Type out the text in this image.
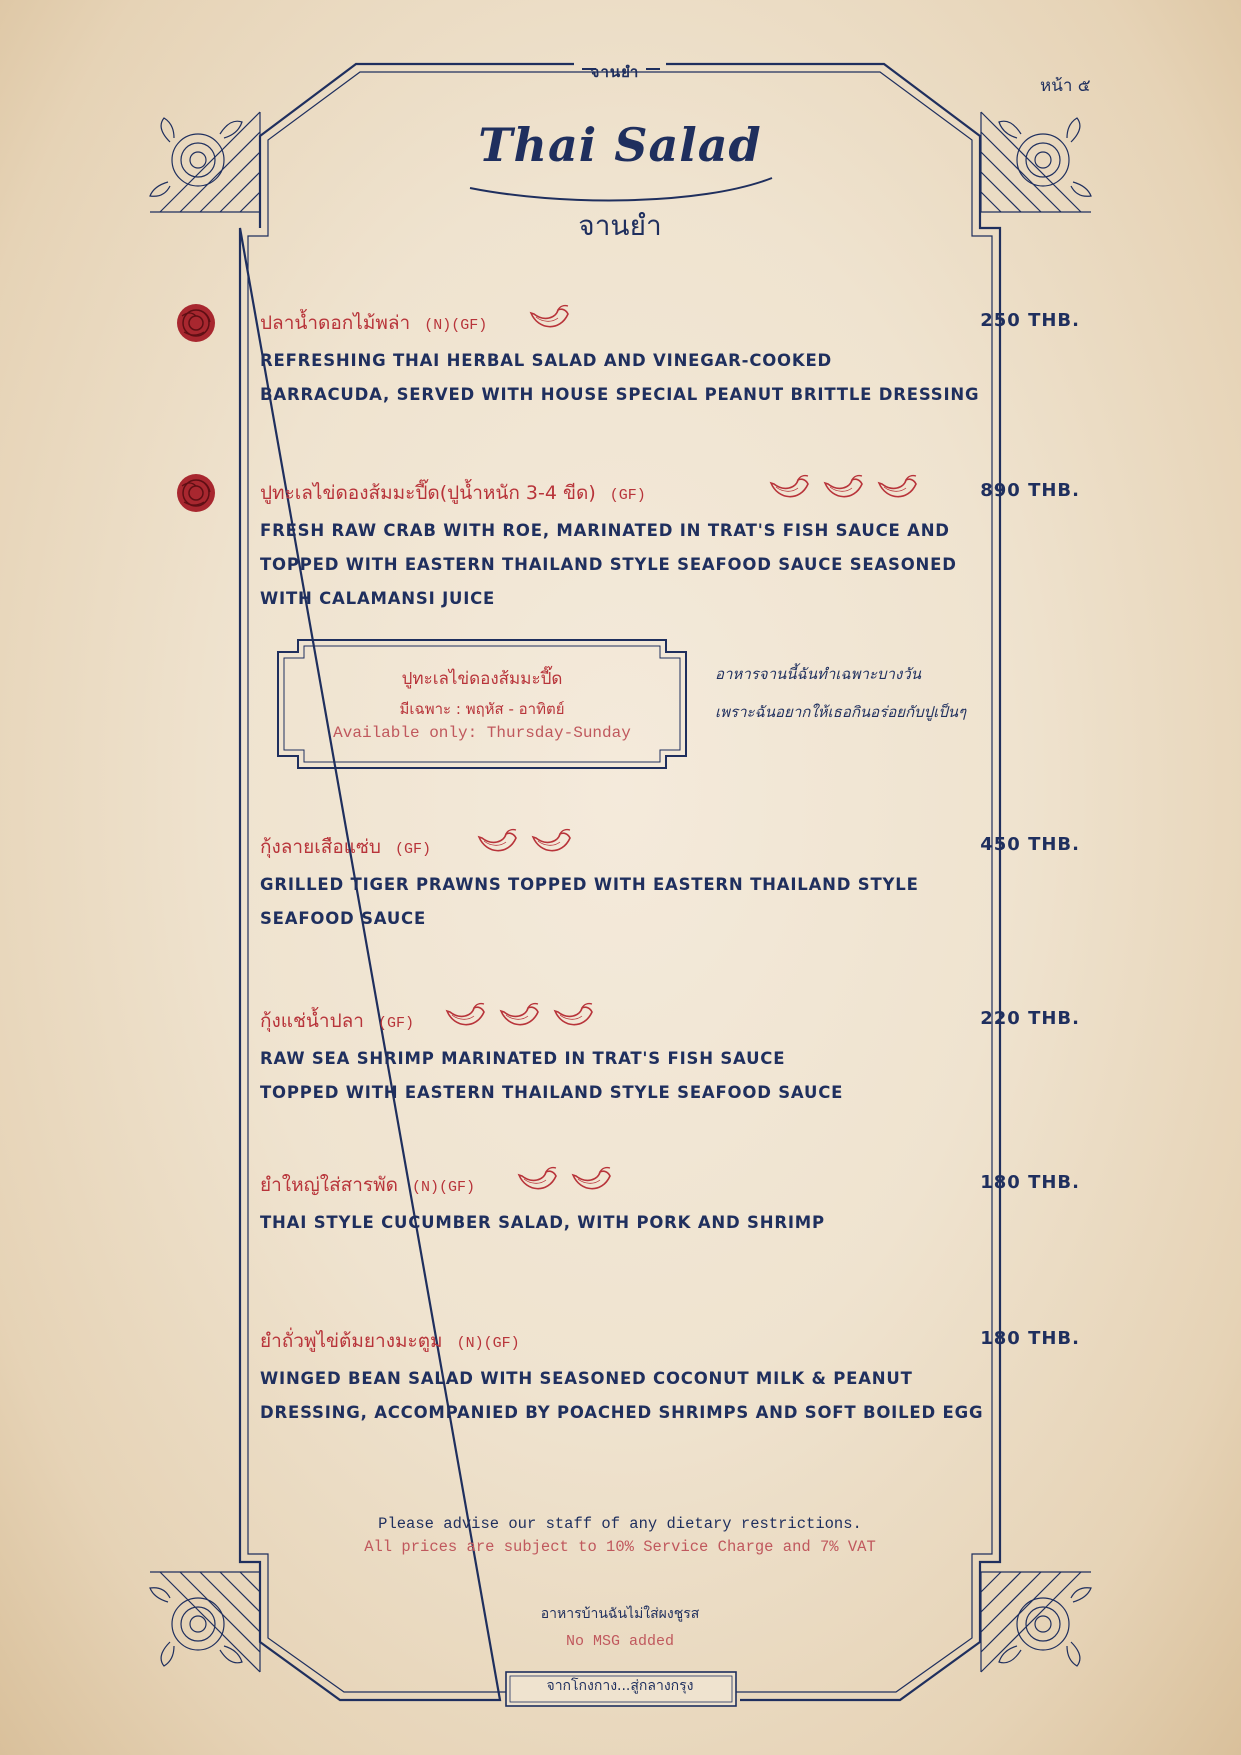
จานยำ
หน้า ๕
Thai Salad
จานยำ
ปลาน้ำดอกไม้พล่า (N)(GF)	250 THB.
REFRESHING THAI HERBAL SALAD AND VINEGAR-COOKED
BARRACUDA, SERVED WITH HOUSE SPECIAL PEANUT BRITTLE DRESSING
ปูทะเลไข่ดองส้มมะปี๊ด(ปูน้ำหนัก 3-4 ขีด) (GF)	890 THB.
FRESH RAW CRAB WITH ROE, MARINATED IN TRAT'S FISH SAUCE AND
TOPPED WITH EASTERN THAILAND STYLE SEAFOOD SAUCE SEASONED
WITH CALAMANSI JUICE
กุ้งลายเสือแซ่บ (GF)	450 THB.
GRILLED TIGER PRAWNS TOPPED WITH EASTERN THAILAND STYLE
SEAFOOD SAUCE
กุ้งแช่น้ำปลา (GF)	220 THB.
RAW SEA SHRIMP MARINATED IN TRAT'S FISH SAUCE
TOPPED WITH EASTERN THAILAND STYLE SEAFOOD SAUCE
ยำใหญ่ใส่สารพัด (N)(GF)	180 THB.
THAI STYLE CUCUMBER SALAD, WITH PORK AND SHRIMP
ยำถั่วพูไข่ต้มยางมะตูม (N)(GF)	180 THB.
WINGED BEAN SALAD WITH SEASONED COCONUT MILK & PEANUT
DRESSING, ACCOMPANIED BY POACHED SHRIMPS AND SOFT BOILED EGG
ปูทะเลไข่ดองส้มมะปี๊ด
มีเฉพาะ : พฤหัส - อาทิตย์
Available only: Thursday-Sunday
อาหารจานนี้ฉันทำเฉพาะบางวัน
เพราะฉันอยากให้เธอกินอร่อยกับปูเป็นๆ
Please advise our staff of any dietary restrictions.
All prices are subject to 10% Service Charge and 7% VAT
อาหารบ้านฉันไม่ใส่ผงชูรส
No MSG added
จากโกงกาง...สู่กลางกรุง
